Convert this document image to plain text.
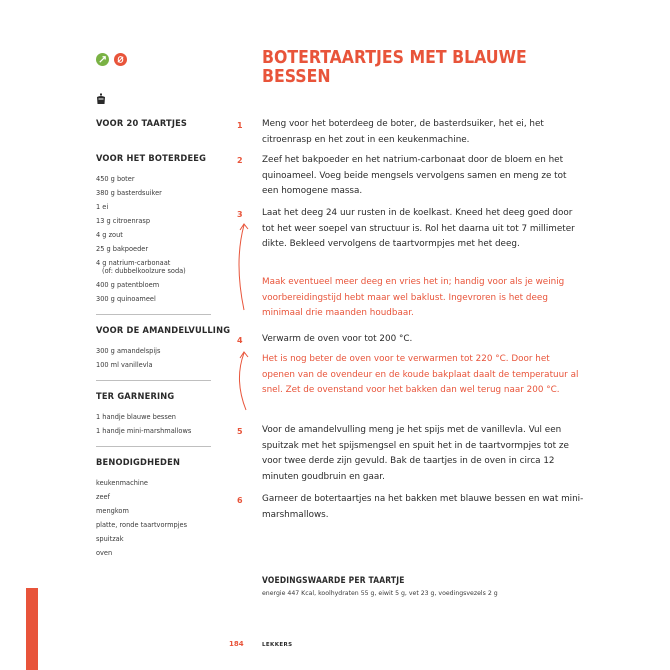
VOOR 20 TAARTJES
VOOR HET BOTERDEEG
450 g boter
380 g basterdsuiker
1 ei
13 g citroenrasp
4 g zout
25 g bakpoeder
4 g natrium-carbonaat
(of: dubbelkoolzure soda)
400 g patentbloem
300 g quinoameel
VOOR DE AMANDELVULLING
300 g amandelspijs
100 ml vanillevla
TER GARNERING
1 handje blauwe bessen
1 handje mini-marshmallows
BENODIGDHEDEN
keukenmachine
zeef
mengkom
platte, ronde taartvormpjes
spuitzak
oven
BOTERTAARTJES MET BLAUWE BESSEN
1 Meng voor het boterdeeg de boter, de basterdsuiker, het ei, het citroenrasp en het zout in een keukenmachine.

2 Zeef het bakpoeder en het natrium-carbonaat door de bloem en het quinoameel. Voeg beide mengsels vervolgens samen en meng ze tot een homogene massa.

3 Laat het deeg 24 uur rusten in de koelkast. Kneed het deeg goed door tot het weer soepel van structuur is. Rol het daarna uit tot 7 millimeter dikte. Bekleed vervolgens de taartvormpjes met het deeg.

Maak eventueel meer deeg en vries het in; handig voor als je weinig voorbereidingstijd hebt maar wel baklust. Ingevroren is het deeg minimaal drie maanden houdbaar.

4 Verwarm de oven voor tot 200 °C.

Het is nog beter de oven voor te verwarmen tot 220 °C. Door het openen van de ovendeur en de koude bakplaat daalt de temperatuur al snel. Zet de ovenstand voor het bakken dan wel terug naar 200 °C.

5 Voor de amandelvulling meng je het spijs met de vanillevla. Vul een spuitzak met het spijsmengsel en spuit het in de taartvormpjes tot ze voor twee derde zijn gevuld. Bak de taartjes in de oven in circa 12 minuten goudbruin en gaar.

6 Garneer de botertaartjes na het bakken met blauwe bessen en wat mini-marshmallows.

VOEDINGSWAARDE PER TAARTJE
energie 447 Kcal, koolhydraten 55 g, eiwit 5 g, vet 23 g, voedingsvezels 2 g
184	LEKKERS
